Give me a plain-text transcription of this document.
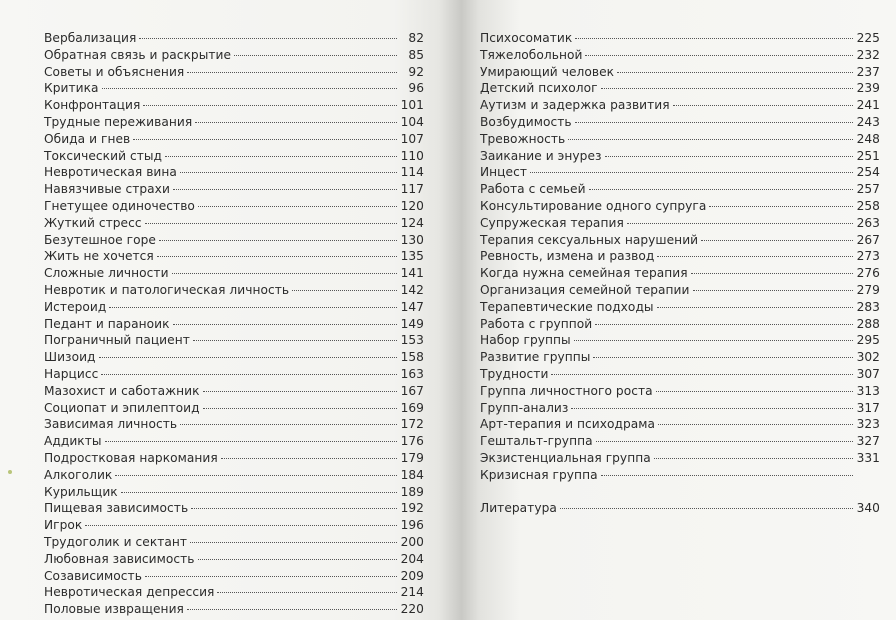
Вербализация	82
Обратная связь и раскрытие	85
Советы и объяснения	92
Критика	96
Конфронтация	101
Трудные переживания	104
Обида и гнев	107
Токсический стыд	110
Невротическая вина	114
Навязчивые страхи	117
Гнетущее одиночество	120
Жуткий стресс	124
Безутешное горе	130
Жить не хочется	135
Сложные личности	141
Невротик и патологическая личность	142
Истероид	147
Педант и параноик	149
Пограничный пациент	153
Шизоид	158
Нарцисс	163
Мазохист и саботажник	167
Социопат и эпилептоид	169
Зависимая личность	172
Аддикты	176
Подростковая наркомания	179
Алкоголик	184
Курильщик	189
Пищевая зависимость	192
Игрок	196
Трудоголик и сектант	200
Любовная зависимость	204
Созависимость	209
Невротическая депрессия	214
Половые извращения	220
Психосоматик	225
Тяжелобольной	232
Умирающий человек	237
Детский психолог	239
Аутизм и задержка развития	241
Возбудимость	243
Тревожность	248
Заикание и энурез	251
Инцест	254
Работа с семьей	257
Консультирование одного супруга	258
Супружеская терапия	263
Терапия сексуальных нарушений	267
Ревность, измена и развод	273
Когда нужна семейная терапия	276
Организация семейной терапии	279
Терапевтические подходы	283
Работа с группой	288
Набор группы	295
Развитие группы	302
Трудности	307
Группа личностного роста	313
Групп-анализ	317
Арт-терапия и психодрама	323
Гештальт-группа	327
Экзистенциальная группа	331
Кризисная группа
Литература	340
